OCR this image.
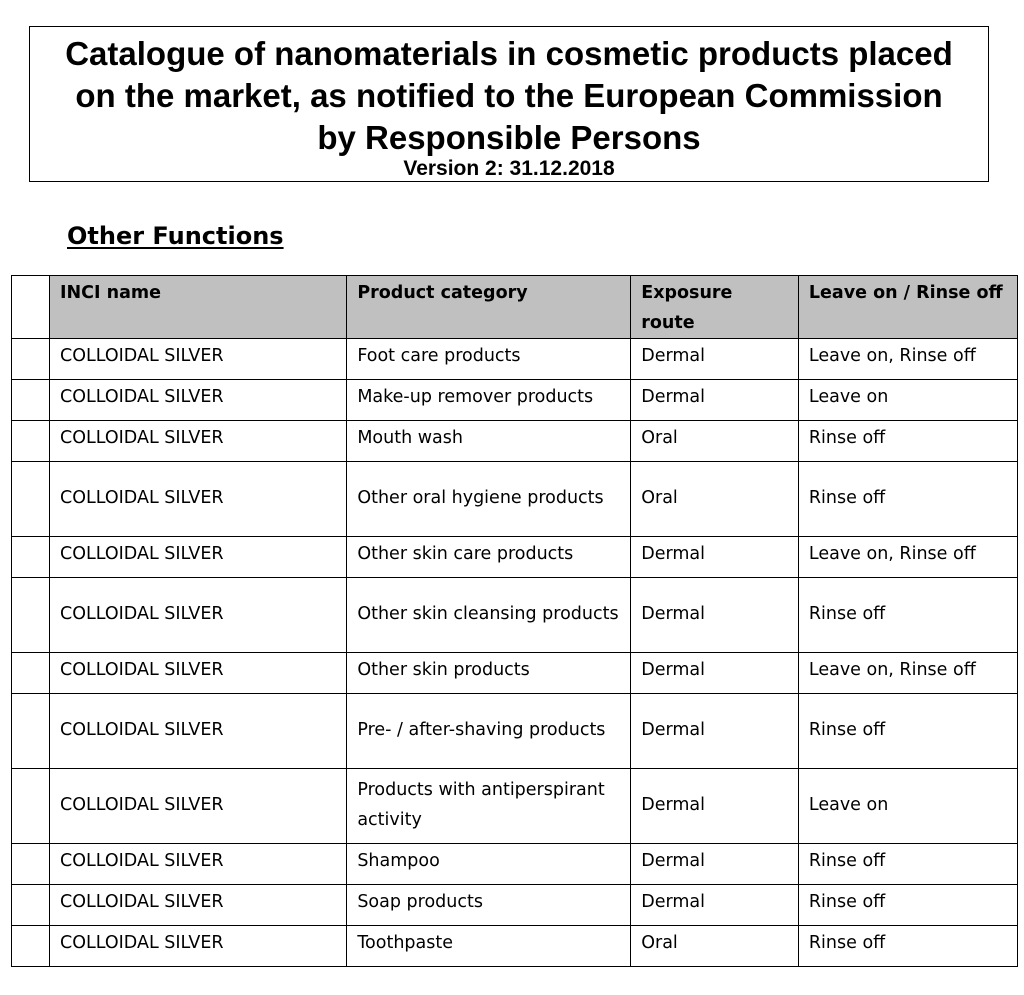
Catalogue of nanomaterials in cosmetic products placed on the market, as notified to the European Commission by Responsible Persons
Version 2: 31.12.2018
Other Functions
	INCI name	Product category	Exposure route	Leave on / Rinse off
	COLLOIDAL SILVER	Foot care products	Dermal	Leave on, Rinse off
	COLLOIDAL SILVER	Make-up remover products	Dermal	Leave on
	COLLOIDAL SILVER	Mouth wash	Oral	Rinse off
	COLLOIDAL SILVER	Other oral hygiene products	Oral	Rinse off
	COLLOIDAL SILVER	Other skin care products	Dermal	Leave on, Rinse off
	COLLOIDAL SILVER	Other skin cleansing products	Dermal	Rinse off
	COLLOIDAL SILVER	Other skin products	Dermal	Leave on, Rinse off
	COLLOIDAL SILVER	Pre- / after-shaving products	Dermal	Rinse off
	COLLOIDAL SILVER	Products with antiperspirant activity	Dermal	Leave on
	COLLOIDAL SILVER	Shampoo	Dermal	Rinse off
	COLLOIDAL SILVER	Soap products	Dermal	Rinse off
	COLLOIDAL SILVER	Toothpaste	Oral	Rinse off
